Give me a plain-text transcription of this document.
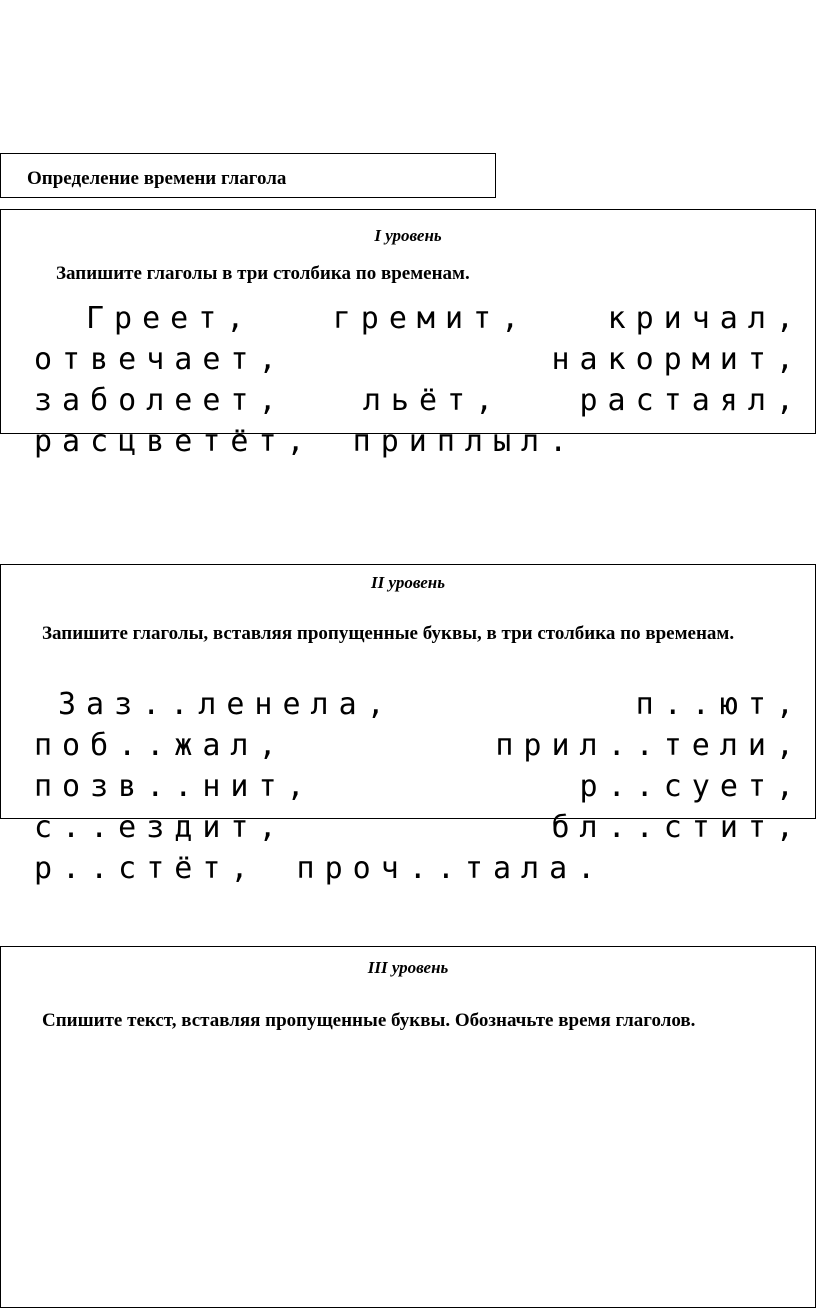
Определение времени глагола
I уровень
Запишите глаголы в три столбика по временам.
Греет, гремит,	кричал, отвечает,	накормит, заболеет,	льёт, растаял, расцветёт, приплыл.
II уровень
Запишите глаголы, вставляя пропущенные буквы, в три столбика по временам.
Заз..ленела, п..ют, поб..жал, прил..тели, позв..нит, р..сует, с..ездит, бл..стит, р..стёт, проч..тала.
III уровень
Спишите текст, вставляя пропущенные буквы. Обозначьте время глаголов.
